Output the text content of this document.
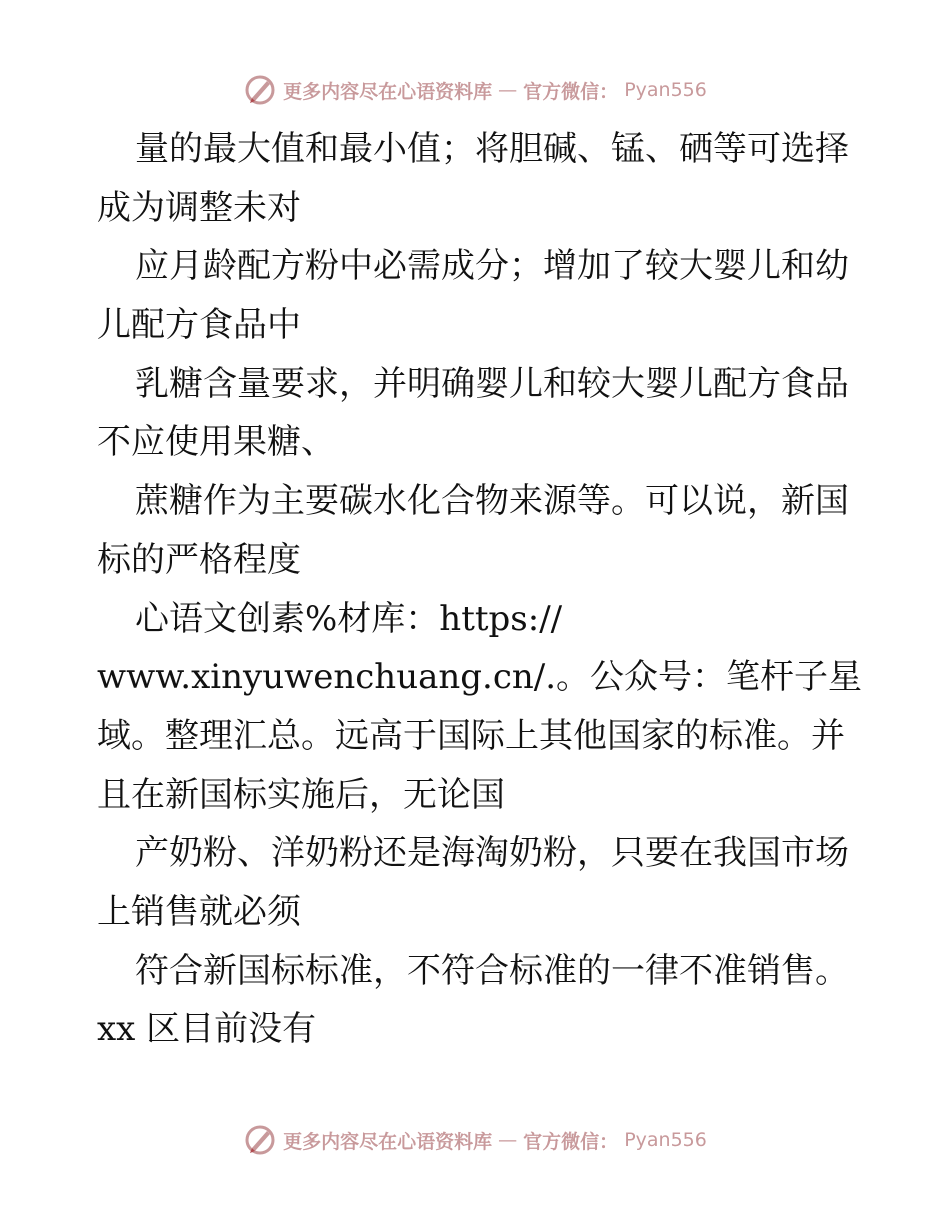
更多内容尽在心语资料库 — 官方微信： Pyan556
量的最大值和最小值；将胆碱、锰、硒等可选择
成为调整未对
应月龄配方粉中必需成分；增加了较大婴儿和幼
儿配方食品中
乳糖含量要求，并明确婴儿和较大婴儿配方食品
不应使用果糖、
蔗糖作为主要碳水化合物来源等。可以说，新国
标的严格程度
心语文创素%材库：https://
www.xinyuwenchuang.cn/.。公众号：笔杆子星
域。整理汇总。远高于国际上其他国家的标准。并
且在新国标实施后，无论国
产奶粉、洋奶粉还是海淘奶粉，只要在我国市场
上销售就必须
符合新国标标准，不符合标准的一律不准销售。
xx 区目前没有
更多内容尽在心语资料库 — 官方微信： Pyan556
